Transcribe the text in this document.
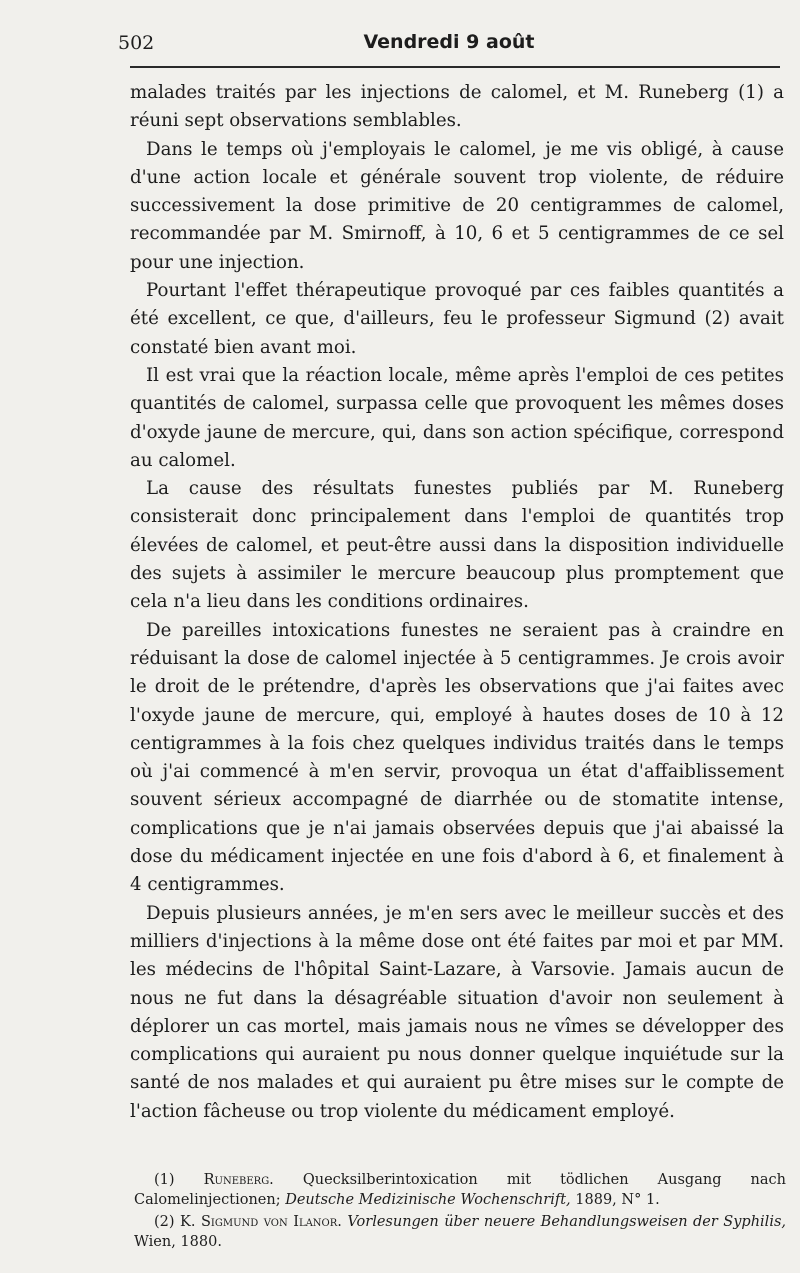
502	Vendredi 9 août

malades traités par les injections de calomel, et M. Runeberg (1) a réuni sept observations semblables.

Dans le temps où j'employais le calomel, je me vis obligé, à cause d'une action locale et générale souvent trop violente, de réduire successivement la dose primitive de 20 centigrammes de calomel, recommandée par M. Smirnoff, à 10, 6 et 5 centigrammes de ce sel pour une injection.

Pourtant l'effet thérapeutique provoqué par ces faibles quantités a été excellent, ce que, d'ailleurs, feu le professeur Sigmund (2) avait constaté bien avant moi.

Il est vrai que la réaction locale, même après l'emploi de ces petites quantités de calomel, surpassa celle que provoquent les mêmes doses d'oxyde jaune de mercure, qui, dans son action spécifique, correspond au calomel.

La cause des résultats funestes publiés par M. Runeberg consisterait donc principalement dans l'emploi de quantités trop élevées de calomel, et peut-être aussi dans la disposition individuelle des sujets à assimiler le mercure beaucoup plus promptement que cela n'a lieu dans les conditions ordinaires.

De pareilles intoxications funestes ne seraient pas à craindre en réduisant la dose de calomel injectée à 5 centigrammes. Je crois avoir le droit de le prétendre, d'après les observations que j'ai faites avec l'oxyde jaune de mercure, qui, employé à hautes doses de 10 à 12 centigrammes à la fois chez quelques individus traités dans le temps où j'ai commencé à m'en servir, provoqua un état d'affaiblissement souvent sérieux accompagné de diarrhée ou de stomatite intense, complications que je n'ai jamais observées depuis que j'ai abaissé la dose du médicament injectée en une fois d'abord à 6, et finalement à 4 centigrammes.

Depuis plusieurs années, je m'en sers avec le meilleur succès et des milliers d'injections à la même dose ont été faites par moi et par MM. les médecins de l'hôpital Saint-Lazare, à Varsovie. Jamais aucun de nous ne fut dans la désagréable situation d'avoir non seulement à déplorer un cas mortel, mais jamais nous ne vîmes se développer des complications qui auraient pu nous donner quelque inquiétude sur la santé de nos malades et qui auraient pu être mises sur le compte de l'action fâcheuse ou trop violente du médicament employé.

(1) Runeberg. Quecksilberintoxication mit tödlichen Ausgang nach Calomelinjectionen; Deutsche Medizinische Wochenschrift, 1889, N° 1.

(2) K. Sigmund von Ilanor. Vorlesungen über neuere Behandlungsweisen der Syphilis, Wien, 1880.
